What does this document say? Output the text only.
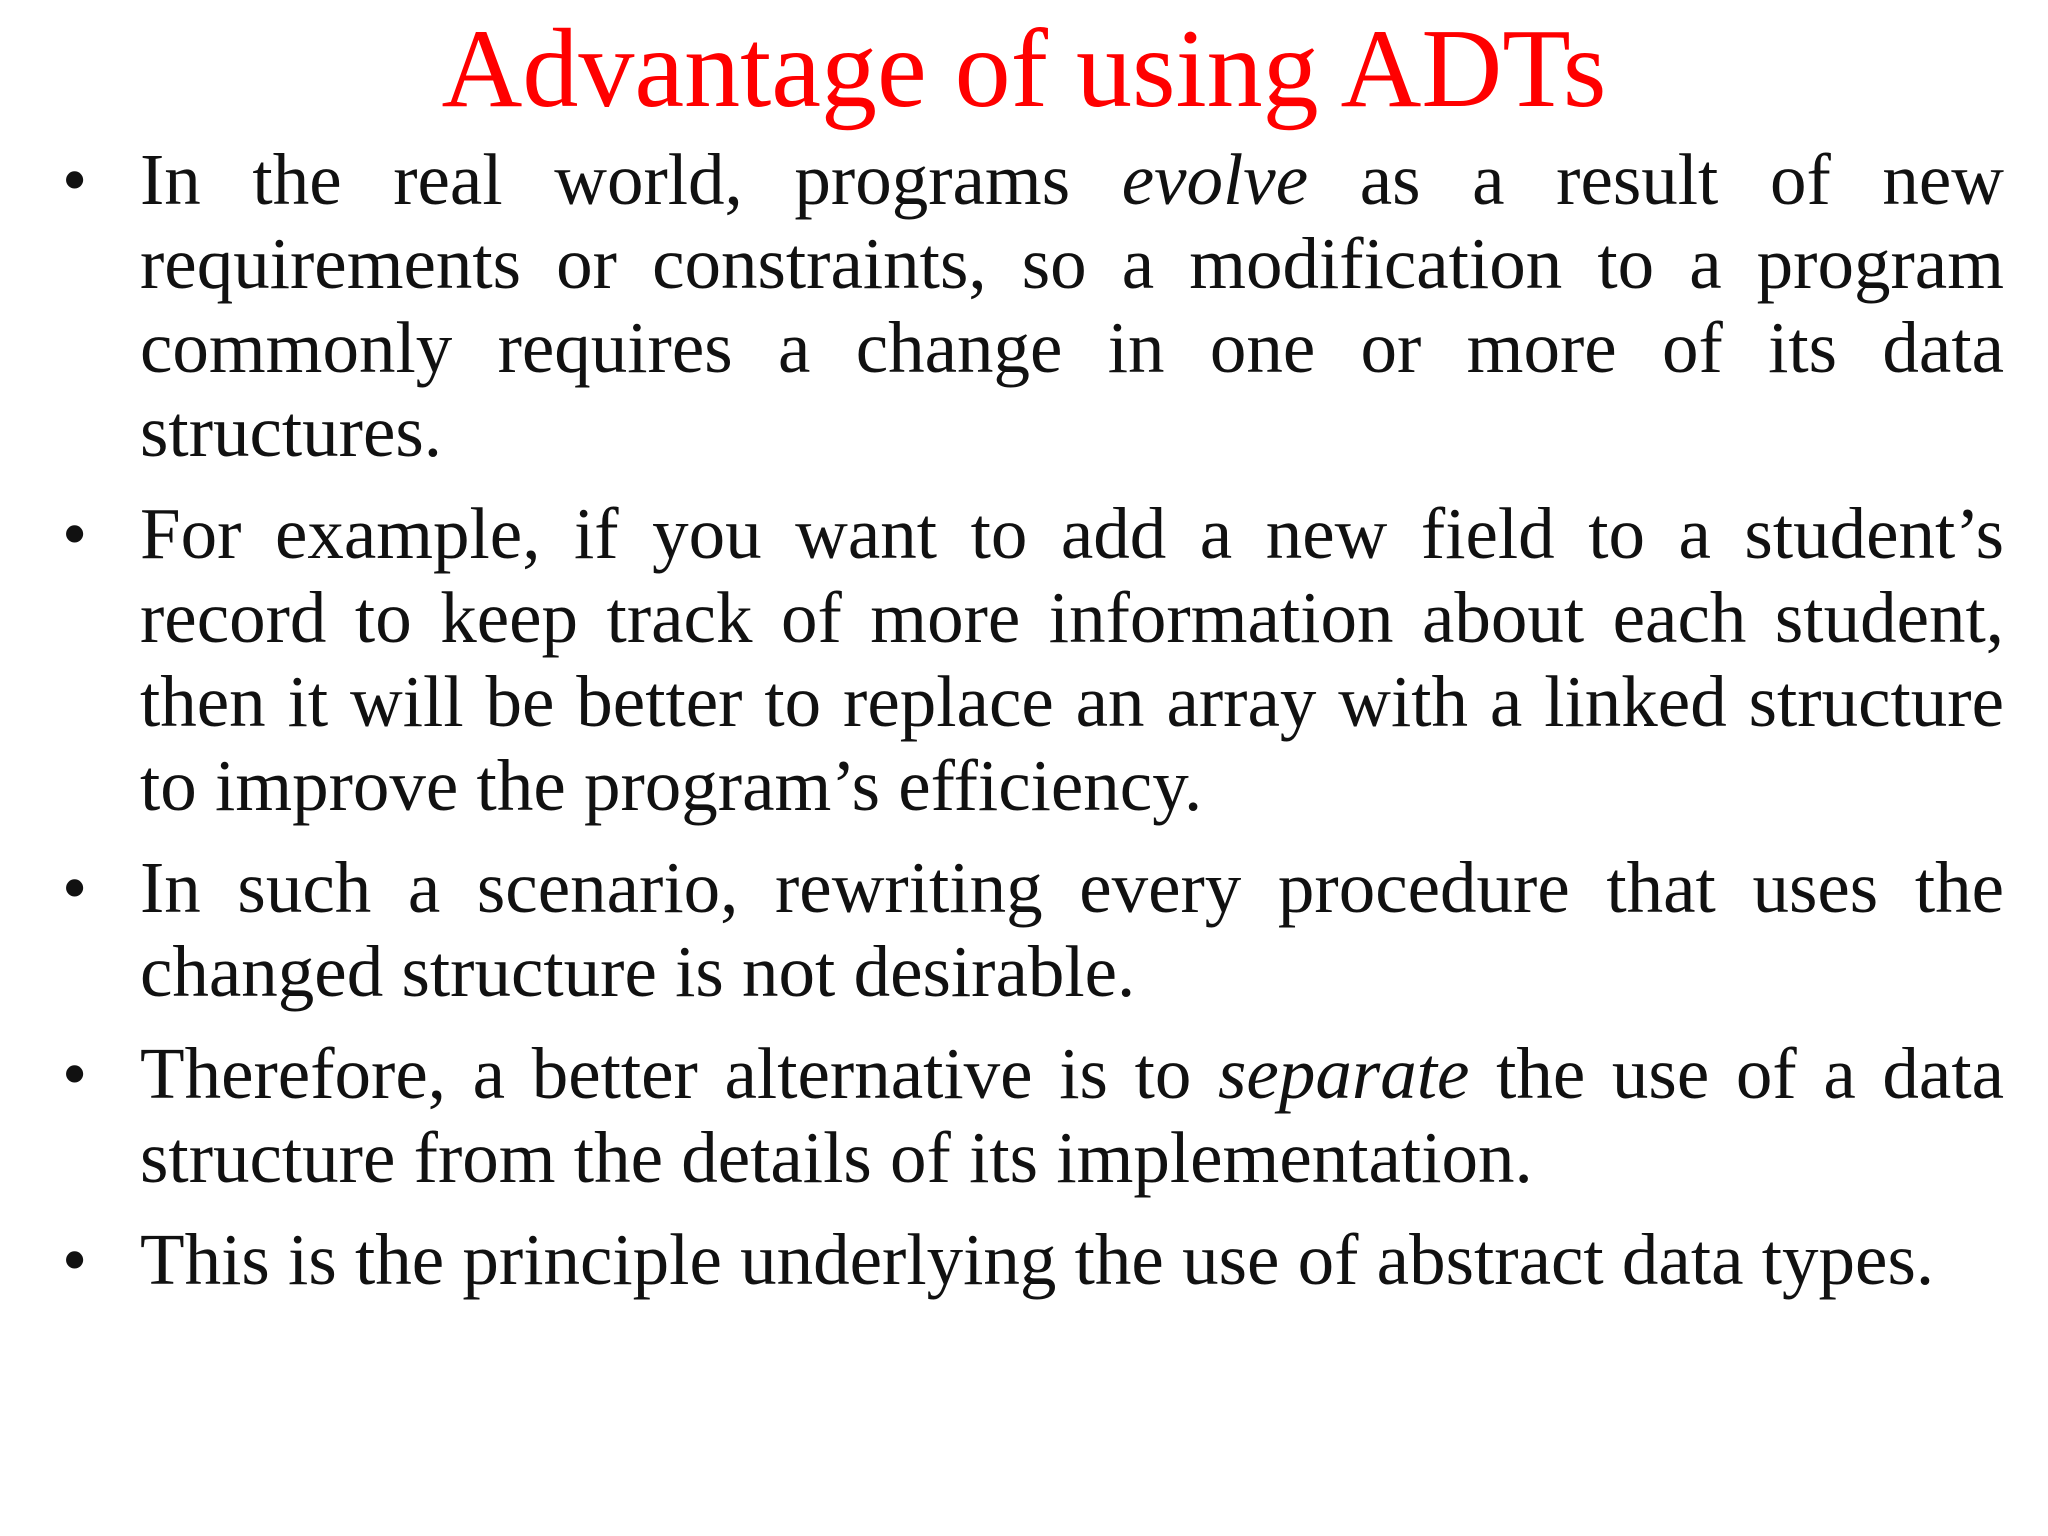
Advantage of using ADTs
• In the real world, programs evolve as a result of new requirements or constraints, so a modification to a program commonly requires a change in one or more of its data structures.
• For example, if you want to add a new field to a student’s record to keep track of more information about each student, then it will be better to replace an array with a linked structure to improve the program’s efficiency.
• In such a scenario, rewriting every procedure that uses the changed structure is not desirable.
• Therefore, a better alternative is to separate the use of a data structure from the details of its implementation.
• This is the principle underlying the use of abstract data types.
